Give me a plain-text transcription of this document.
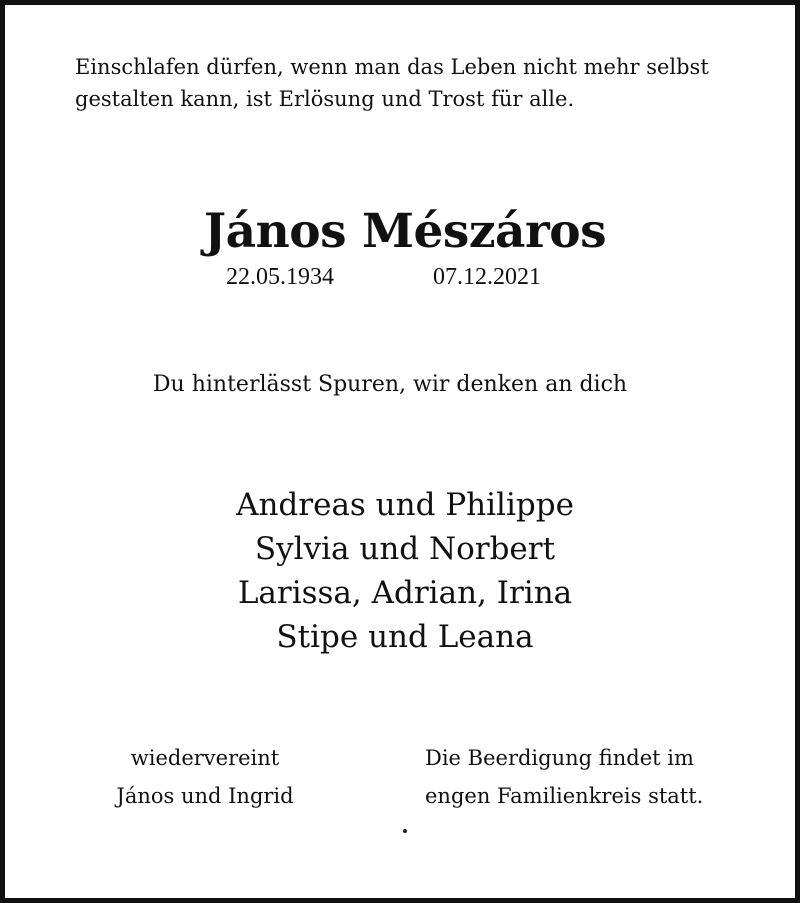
Einschlafen dürfen, wenn man das Leben nicht mehr selbst
gestalten kann, ist Erlösung und Trost für alle.

János Mészáros

22.05.1934	07.12.2021

Du hinterlässt Spuren, wir denken an dich

Andreas und Philippe
Sylvia und Norbert
Larissa, Adrian, Irina
Stipe und Leana

wiedervereint
János und Ingrid

Die Beerdigung findet im
engen Familienkreis statt.
